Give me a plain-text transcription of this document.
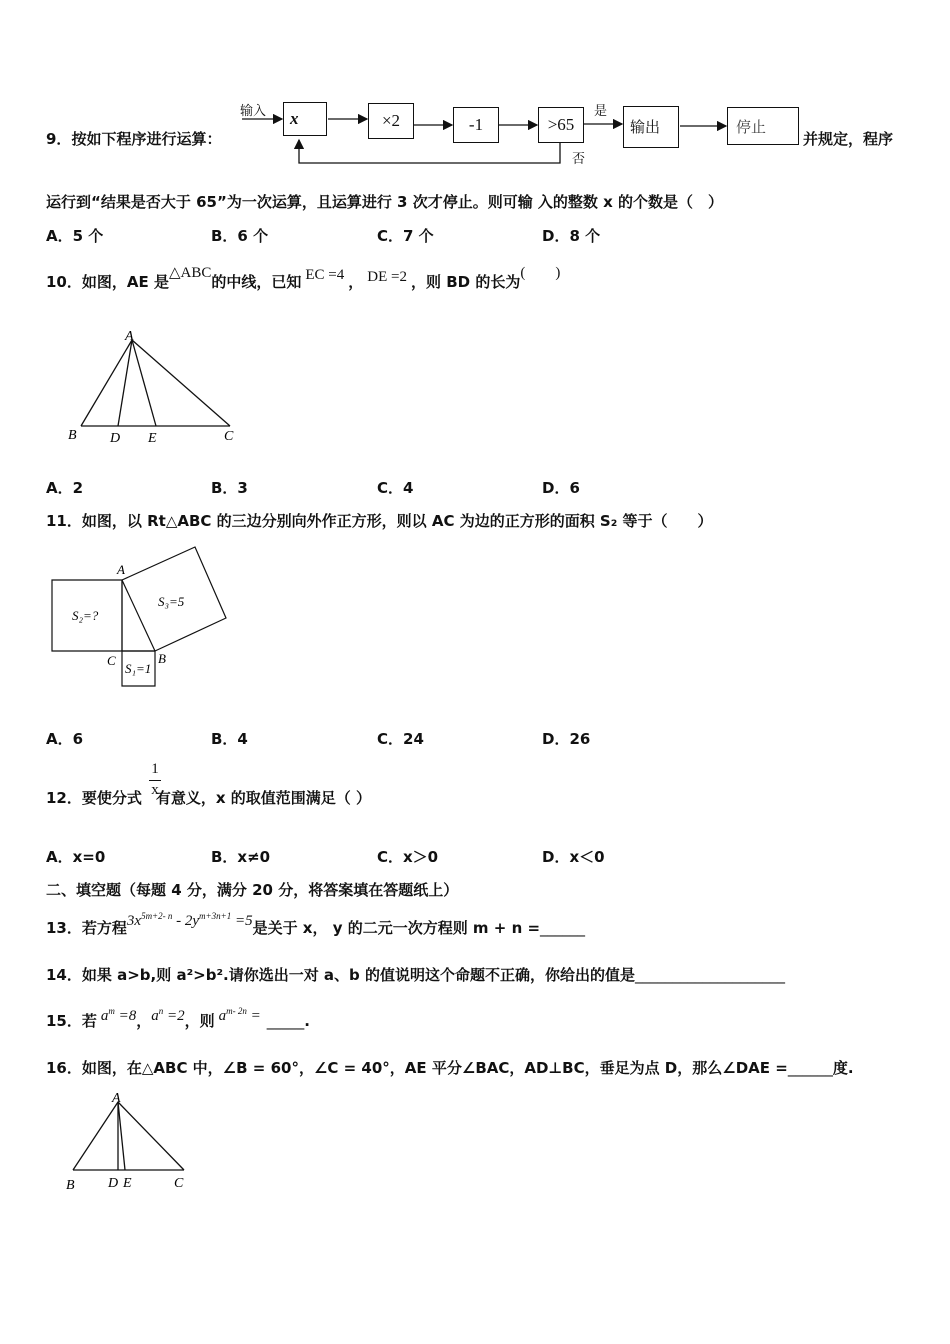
9．按如下程序进行运算：
输入	x	×2	-1	>65
是
否
输出	停止
并规定，程序
运行到“结果是否大于 65”为一次运算，且运算进行 3 次才停止。则可输 入的整数 x 的个数是（　）
A．5 个	B．6 个	C．7 个	D．8 个
10．如图，AE 是△ABC的中线，已知 EC =4 ， DE =2 ，则 BD 的长为(　　)
A
B D E	C
A．2	B．3	C．4	D．6
11．如图，以 Rt△ABC 的三边分别向外作正方形，则以 AC 为边的正方形的面积 S₂ 等于（　　）
A
C	B
S₂=?
S₃=5
S₁=1
A．6	B．4	C．24	D．26
12．要使分式 有意义，x 的取值范围满足（ ）
$\frac{1}{x}$
A．x=0	B．x≠0	C．x＞0	D．x＜0
二、填空题（每题 4 分，满分 20 分，将答案填在答题纸上）
13．若方程$3x^{5m+2- n} - 2y^{m+3n+1} =5$是关于 x， y 的二元一次方程则 m + n =______
14．如果 a>b,则 a²>b².请你选出一对 a、b 的值说明这个命题不正确，你给出的值是____________________
15．若 $a^m =8$，$a^n =2$，则 $a^{m- 2n}$ = _____.
16．如图，在△ABC 中，∠B = 60°，∠C = 40°，AE 平分∠BAC，AD⊥BC，垂足为点 D，那么∠DAE =______度.
A
B D E	C
